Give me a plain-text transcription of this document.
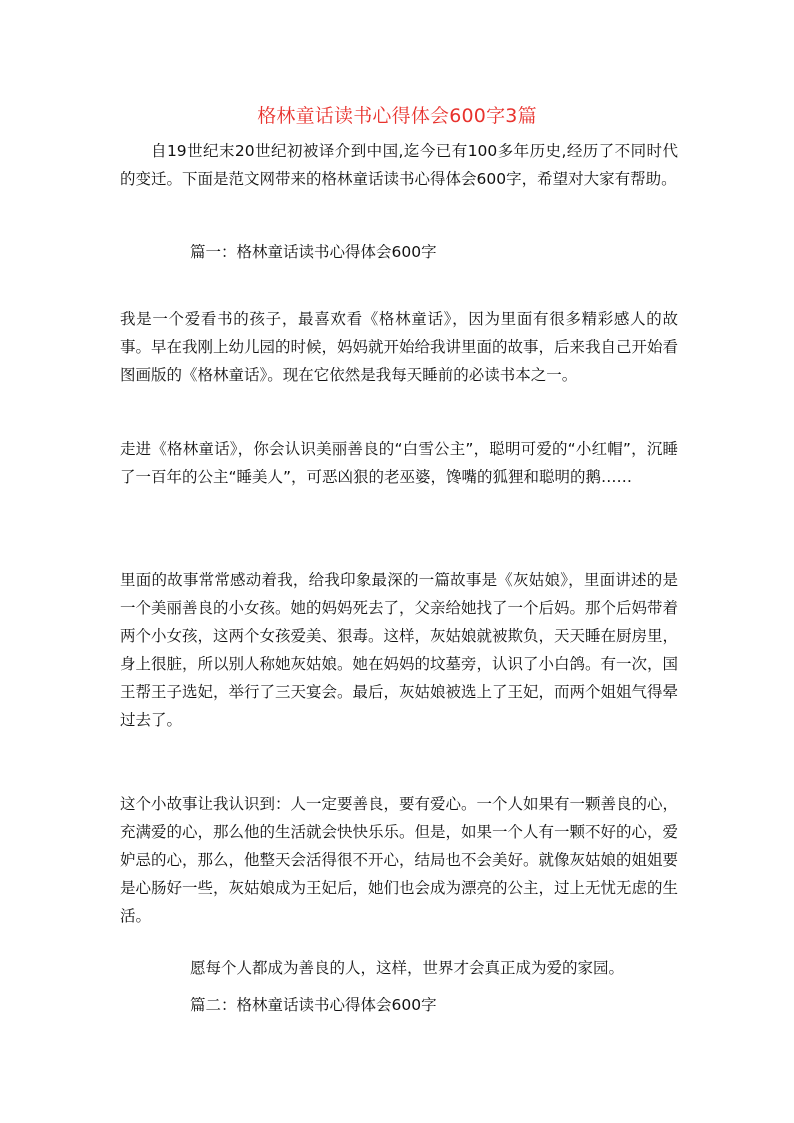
格林童话读书心得体会600字3篇

自19世纪末20世纪初被译介到中国,迄今已有100多年历史,经历了不同时代的变迁。下面是范文网带来的格林童话读书心得体会600字，希望对大家有帮助。

篇一：格林童话读书心得体会600字

我是一个爱看书的孩子，最喜欢看《格林童话》，因为里面有很多精彩感人的故事。早在我刚上幼儿园的时候，妈妈就开始给我讲里面的故事，后来我自己开始看图画版的《格林童话》。现在它依然是我每天睡前的必读书本之一。

走进《格林童话》，你会认识美丽善良的“白雪公主”，聪明可爱的“小红帽”，沉睡了一百年的公主“睡美人”，可恶凶狠的老巫婆，馋嘴的狐狸和聪明的鹅……

里面的故事常常感动着我，给我印象最深的一篇故事是《灰姑娘》，里面讲述的是一个美丽善良的小女孩。她的妈妈死去了，父亲给她找了一个后妈。那个后妈带着两个小女孩，这两个女孩爱美、狠毒。这样，灰姑娘就被欺负，天天睡在厨房里，身上很脏，所以别人称她灰姑娘。她在妈妈的坟墓旁，认识了小白鸽。有一次，国王帮王子选妃，举行了三天宴会。最后，灰姑娘被选上了王妃，而两个姐姐气得晕过去了。

这个小故事让我认识到：人一定要善良，要有爱心。一个人如果有一颗善良的心，充满爱的心，那么他的生活就会快快乐乐。但是，如果一个人有一颗不好的心，爱妒忌的心，那么，他整天会活得很不开心，结局也不会美好。就像灰姑娘的姐姐要是心肠好一些，灰姑娘成为王妃后，她们也会成为漂亮的公主，过上无忧无虑的生活。

愿每个人都成为善良的人，这样，世界才会真正成为爱的家园。

篇二：格林童话读书心得体会600字
